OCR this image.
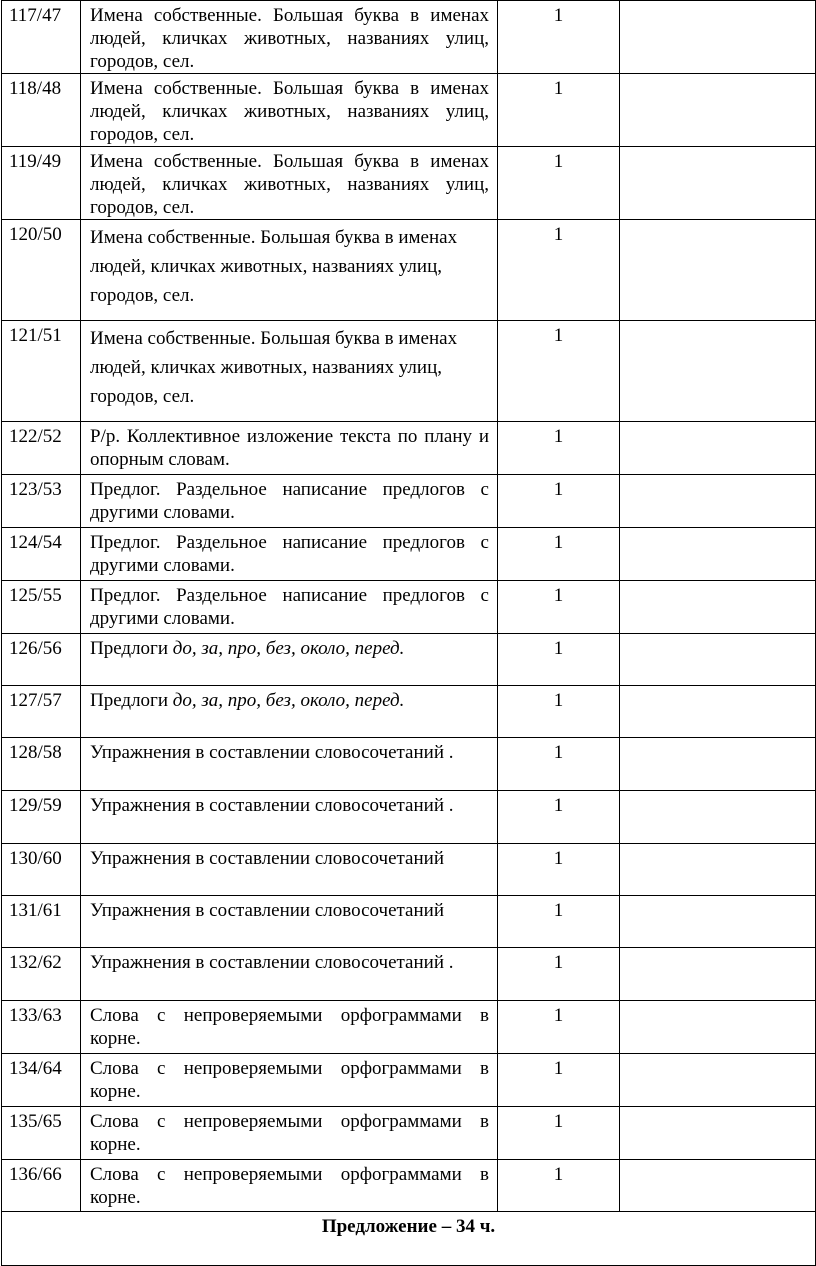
117/47	Имена собственные. Большая буква в именах людей, кличках животных, названиях улиц, городов, сел.	1	
118/48	Имена собственные. Большая буква в именах людей, кличках животных, названиях улиц, городов, сел.	1	
119/49	Имена собственные. Большая буква в именах людей, кличках животных, названиях улиц, городов, сел.	1	
120/50	Имена собственные. Большая буква в именах людей, кличках животных, названиях улиц, городов, сел.	1	
121/51	Имена собственные. Большая буква в именах людей, кличках животных, названиях улиц, городов, сел.	1	
122/52	Р/р. Коллективное изложение текста по плану и опорным словам.	1	
123/53	Предлог. Раздельное написание предлогов с другими словами.	1	
124/54	Предлог. Раздельное написание предлогов с другими словами.	1	
125/55	Предлог. Раздельное написание предлогов с другими словами.	1	
126/56	Предлоги до, за, про, без, около, перед.	1	
127/57	Предлоги до, за, про, без, около, перед.	1	
128/58	Упражнения в составлении словосочетаний .	1	
129/59	Упражнения в составлении словосочетаний .	1	
130/60	Упражнения в составлении словосочетаний	1	
131/61	Упражнения в составлении словосочетаний	1	
132/62	Упражнения в составлении словосочетаний .	1	
133/63	Слова с непроверяемыми орфограммами в корне.	1	
134/64	Слова с непроверяемыми орфограммами в корне.	1	
135/65	Слова с непроверяемыми орфограммами в корне.	1	
136/66	Слова с непроверяемыми орфограммами в корне.	1	
Предложение – 34 ч.			
